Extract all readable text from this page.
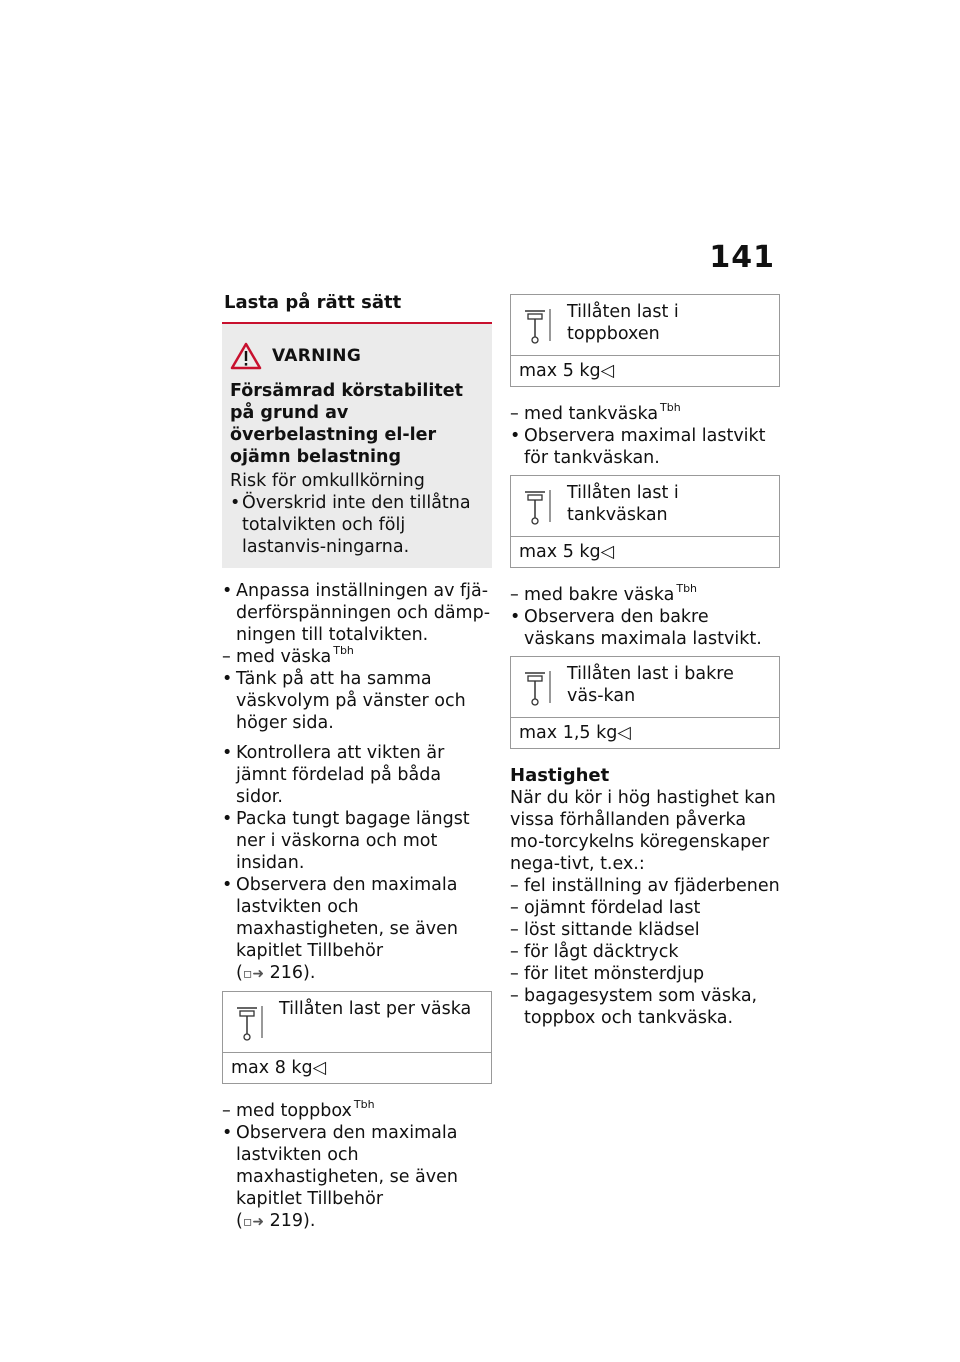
141
Lasta på rätt sätt
VARNING
Försämrad körstabilitet på grund av överbelastning el-ler ojämn belastning
Risk för omkullkörning
• Överskrid inte den tillåtna totalvikten och följ lastanvis-ningarna.
• Anpassa inställningen av fjä-derförspänningen och dämp-ningen till totalvikten.
– med väska $^{Tbh}$
• Tänk på att ha samma väskvolym på vänster och höger sida.
• Kontrollera att vikten är jämnt fördelad på båda sidor.
• Packa tungt bagage längst ner i väskorna och mot insidan.
• Observera den maximala lastvikten och maxhastigheten, se även kapitlet Tillbehör
(▫➜ 216).
Tillåten last per väska
max 8 kg◁
– med toppbox $^{Tbh}$
• Observera den maximala lastvikten och maxhastigheten, se även kapitlet Tillbehör
(▫➜ 219).
Tillåten last i toppboxen
max 5 kg◁
– med tankväska $^{Tbh}$
• Observera maximal lastvikt för tankväskan.
Tillåten last i tankväskan
max 5 kg◁
– med bakre väska $^{Tbh}$
• Observera den bakre väskans maximala lastvikt.
Tillåten last i bakre väs-kan
max 1,5 kg◁
Hastighet
När du kör i hög hastighet kan vissa förhållanden påverka mo-torcykelns köregenskaper nega-tivt, t.ex.:
– fel inställning av fjäderbenen
– ojämnt fördelad last
– löst sittande klädsel
– för lågt däcktryck
– för litet mönsterdjup
– bagagesystem som väska, toppbox och tankväska.
